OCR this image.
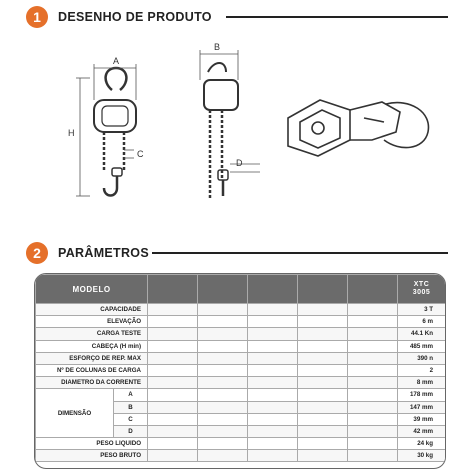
1	DESENHO DE PRODUTO
A
H
C
B
D
2	PARÂMETROS
MODELO							XTC
3005
CAPACIDADE							3 T
ELEVAÇÃO							6 m
CARGA TESTE							44.1 Kn
CABEÇA (H min)							485 mm
ESFORÇO DE REP. MAX							390 n
Nº DE COLUNAS DE CARGA							2
DIAMETRO DA CORRENTE							8 mm
DIMENSÃO	A						178 mm
	B						147 mm
	C						39 mm
	D						42 mm
PESO LIQUIDO							24 kg
PESO BRUTO							30 kg
